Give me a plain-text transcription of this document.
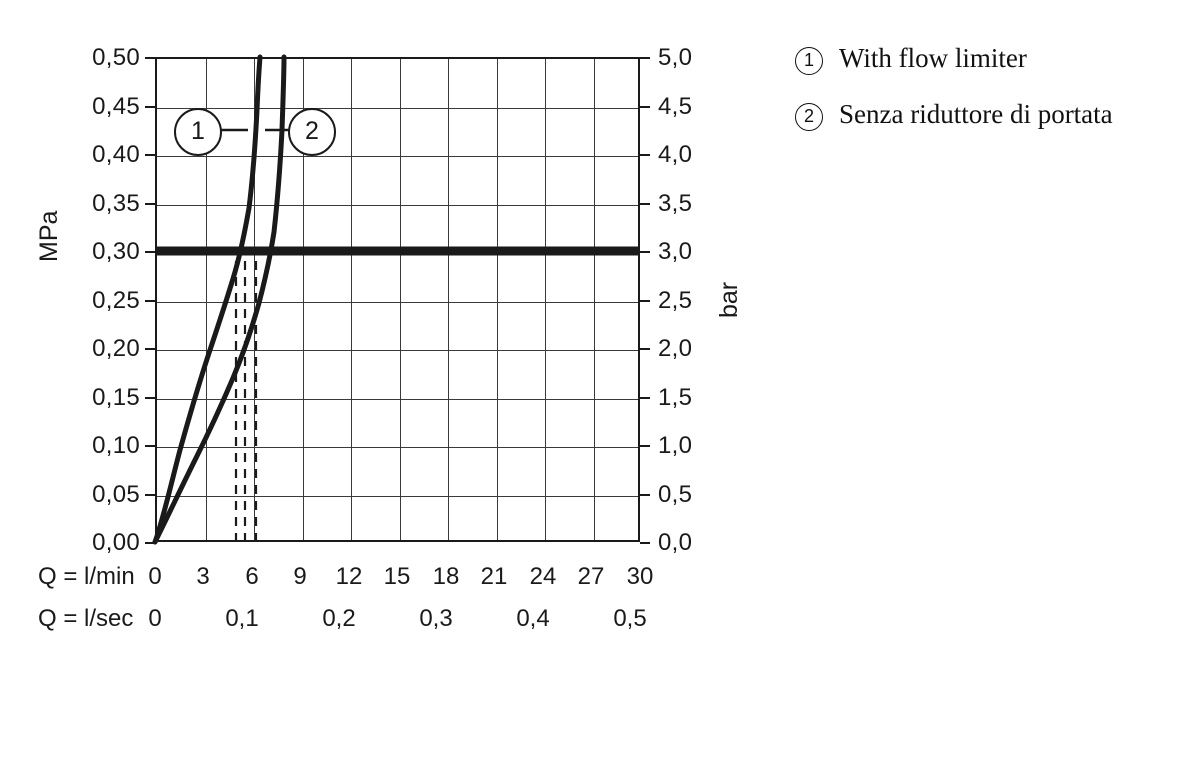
MPa
bar
0,50
0,45
0,40
0,35
0,30
0,25
0,20
0,15
0,10
0,05
0,00
5,0
4,5
4,0
3,5
3,0
2,5
2,0
1,5
1,0
0,5
0,0
1	2
Q = l/min 0	3	6	9	12 15 18 21 24 27 30
Q = l/sec 0	0,1	0,2	0,3	0,4	0,5
1 With flow limiter
2 Senza riduttore di portata
